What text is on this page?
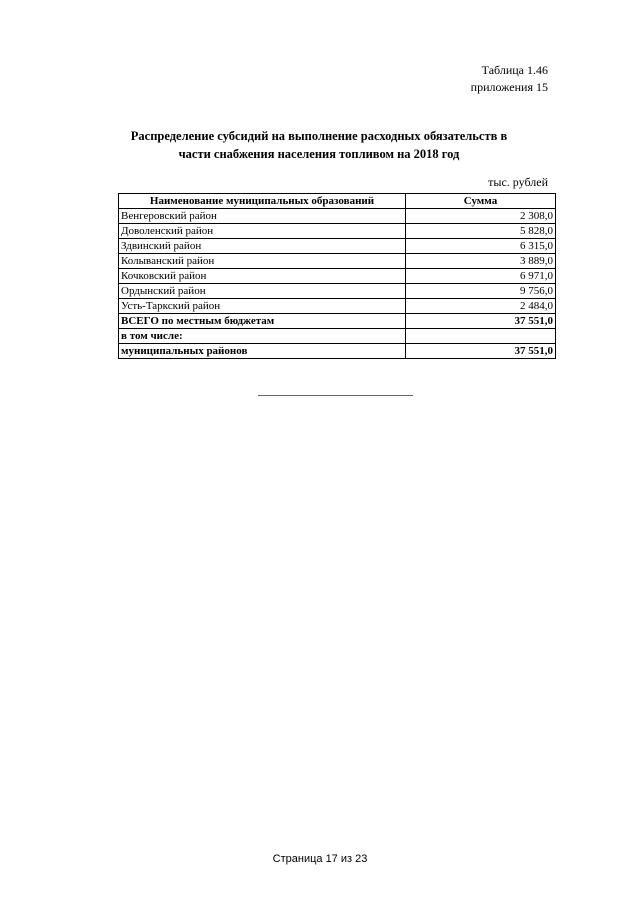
Таблица 1.46
приложения 15
Распределение субсидий на выполнение расходных обязательств в
части снабжения населения топливом на 2018 год
тыс. рублей
Наименование муниципальных образований	Сумма
Венгеровский район	2 308,0
Доволенский район	5 828,0
Здвинский район	6 315,0
Колыванский район	3 889,0
Кочковский район	6 971,0
Ордынский район	9 756,0
Усть-Таркский район	2 484,0
ВСЕГО по местным бюджетам	37 551,0
в том числе:	
муниципальных районов	37 551,0
Страница 17 из 23
